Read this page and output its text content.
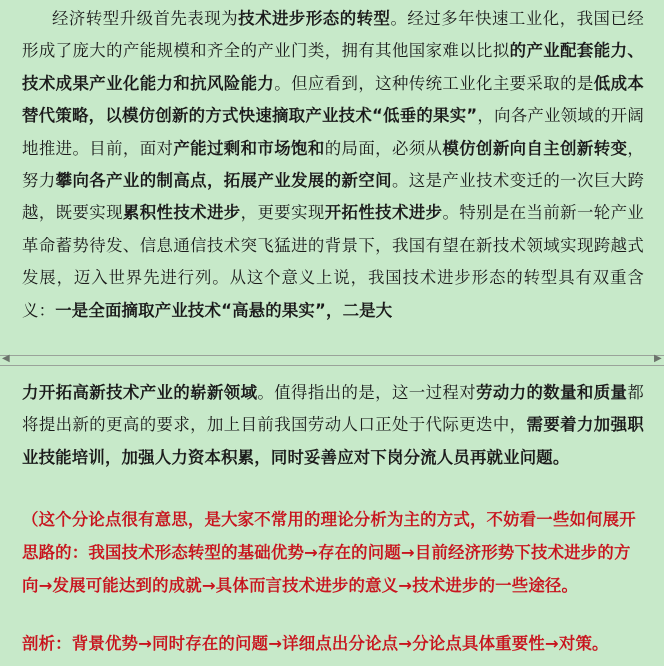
经济转型升级首先表现为技术进步形态的转型。经过多年快速工业化，我国已经形成了庞大的产能规模和齐全的产业门类，拥有其他国家难以比拟的产业配套能力、技术成果产业化能力和抗风险能力。但应看到，这种传统工业化主要采取的是低成本替代策略，以模仿创新的方式快速摘取产业技术“低垂的果实”，向各产业领域的开阔地推进。目前，面对产能过剩和市场饱和的局面，必须从模仿创新向自主创新转变，努力攀向各产业的制高点，拓展产业发展的新空间。这是产业技术变迁的一次巨大跨越，既要实现累积性技术进步，更要实现开拓性技术进步。特别是在当前新一轮产业革命蓄势待发、信息通信技术突飞猛进的背景下，我国有望在新技术领域实现跨越式发展，迈入世界先进行列。从这个意义上说，我国技术进步形态的转型具有双重含义：一是全面摘取产业技术“高悬的果实”，二是大

◀	▶

力开拓高新技术产业的崭新领域。值得指出的是，这一过程对劳动力的数量和质量都将提出新的更高的要求，加上目前我国劳动人口正处于代际更迭中，需要着力加强职业技能培训，加强人力资本积累，同时妥善应对下岗分流人员再就业问题。

（这个分论点很有意思，是大家不常用的理论分析为主的方式，不妨看一些如何展开思路的：我国技术形态转型的基础优势→存在的问题→目前经济形势下技术进步的方向→发展可能达到的成就→具体而言技术进步的意义→技术进步的一些途径。

剖析：背景优势→同时存在的问题→详细点出分论点→分论点具体重要性→对策。
